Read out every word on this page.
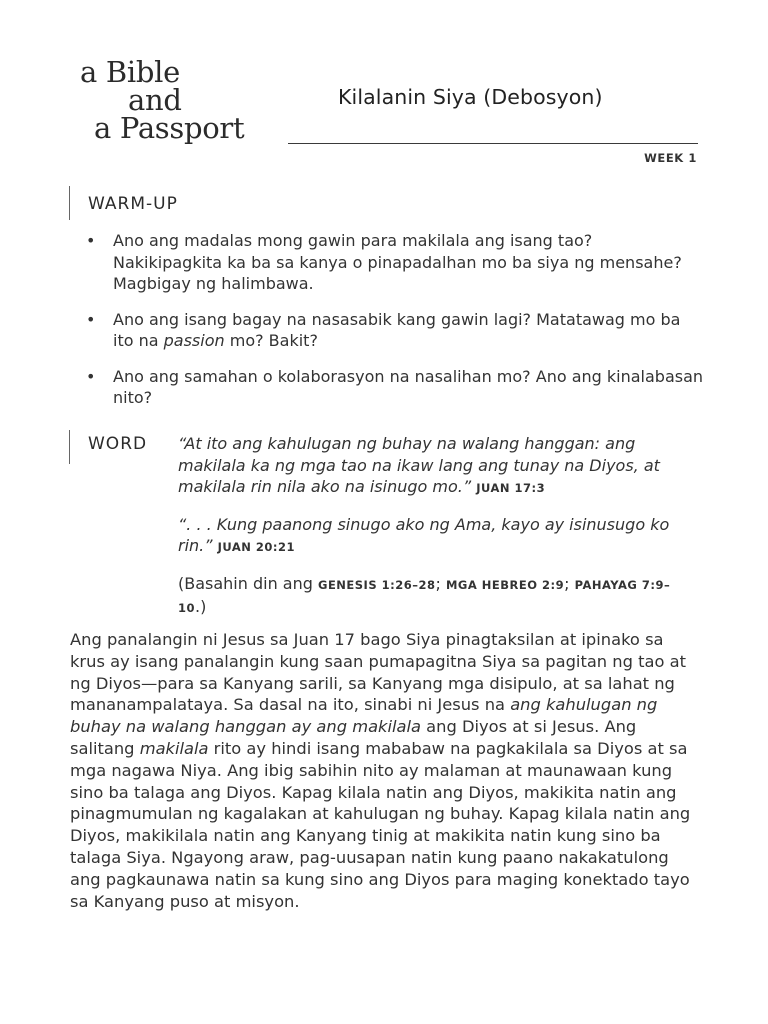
a Bible
and
a Passport
Kilalanin Siya (Debosyon)
WEEK 1
WARM-UP
• Ano ang madalas mong gawin para makilala ang isang tao? Nakikipagkita ka ba sa kanya o pinapadalhan mo ba siya ng mensahe? Magbigay ng halimbawa.
• Ano ang isang bagay na nasasabik kang gawin lagi? Matatawag mo ba ito na passion mo? Bakit?
• Ano ang samahan o kolaborasyon na nasalihan mo? Ano ang kinalabasan nito?
WORD “At ito ang kahulugan ng buhay na walang hanggan: ang makilala ka ng mga tao na ikaw lang ang tunay na Diyos, at makilala rin nila ako na isinugo mo.” JUAN 17:3

“. . . Kung paanong sinugo ako ng Ama, kayo ay isinusugo ko rin.” JUAN 20:21

(Basahin din ang GENESIS 1:26–28; MGA HEBREO 2:9; PAHAYAG 7:9–10.)

Ang panalangin ni Jesus sa Juan 17 bago Siya pinagtaksilan at ipinako sa krus ay isang panalangin kung saan pumapagitna Siya sa pagitan ng tao at ng Diyos—para sa Kanyang sarili, sa Kanyang mga disipulo, at sa lahat ng mananampalataya. Sa dasal na ito, sinabi ni Jesus na ang kahulugan ng buhay na walang hanggan ay ang makilala ang Diyos at si Jesus. Ang salitang makilala rito ay hindi isang mababaw na pagkakilala sa Diyos at sa mga nagawa Niya. Ang ibig sabihin nito ay malaman at maunawaan kung sino ba talaga ang Diyos. Kapag kilala natin ang Diyos, makikita natin ang pinagmumulan ng kagalakan at kahulugan ng buhay. Kapag kilala natin ang Diyos, makikilala natin ang Kanyang tinig at makikita natin kung sino ba talaga Siya. Ngayong araw, pag-uusapan natin kung paano nakakatulong ang pagkaunawa natin sa kung sino ang Diyos para maging konektado tayo sa Kanyang puso at misyon.
